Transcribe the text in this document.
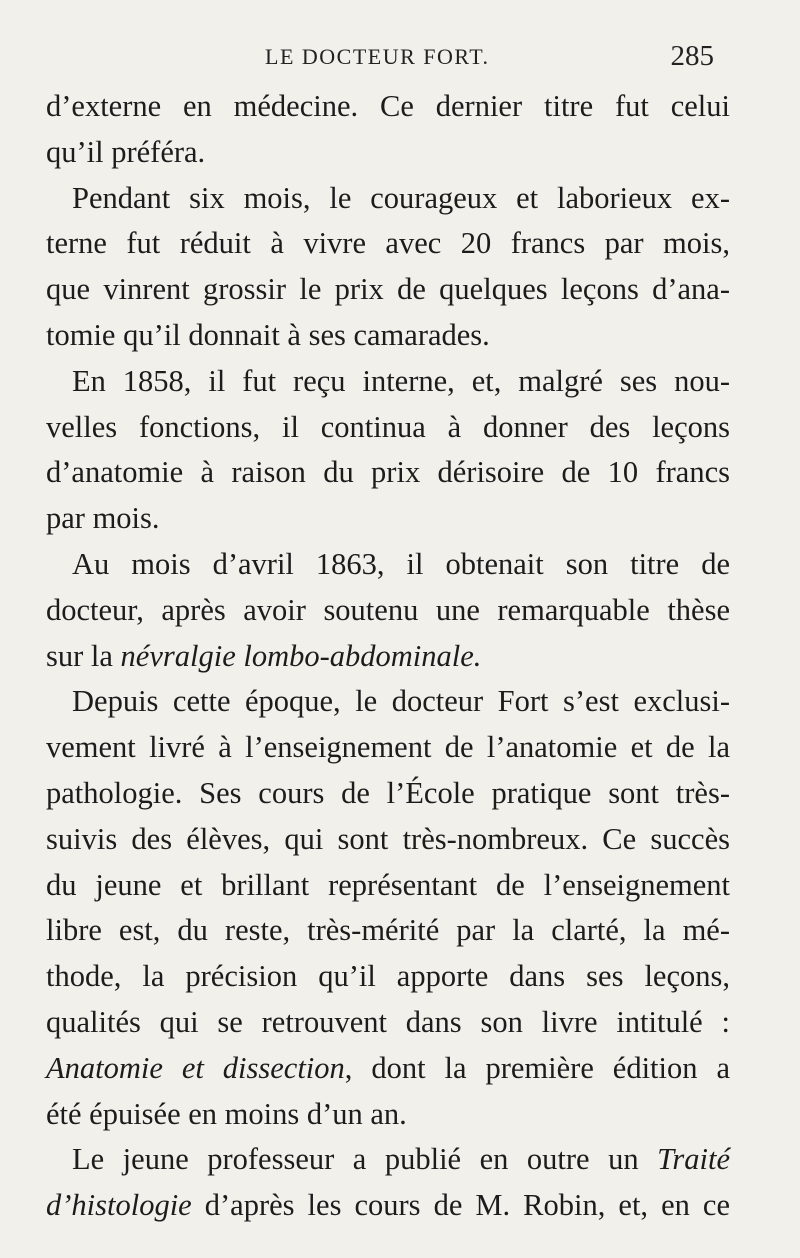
LE DOCTEUR FORT.	285
d’externe en médecine. Ce dernier titre fut celui
qu’il préféra.
Pendant six mois, le courageux et laborieux ex-
terne fut réduit à vivre avec 20 francs par mois,
que vinrent grossir le prix de quelques leçons d’ana-
tomie qu’il donnait à ses camarades.
En 1858, il fut reçu interne, et, malgré ses nou-
velles fonctions, il continua à donner des leçons
d’anatomie à raison du prix dérisoire de 10 francs
par mois.
Au mois d’avril 1863, il obtenait son titre de
docteur, après avoir soutenu une remarquable thèse
sur la névralgie lombo-abdominale.
Depuis cette époque, le docteur Fort s’est exclusi-
vement livré à l’enseignement de l’anatomie et de la
pathologie. Ses cours de l’École pratique sont très-
suivis des élèves, qui sont très-nombreux. Ce succès
du jeune et brillant représentant de l’enseignement
libre est, du reste, très-mérité par la clarté, la mé-
thode, la précision qu’il apporte dans ses leçons,
qualités qui se retrouvent dans son livre intitulé :
Anatomie et dissection, dont la première édition a
été épuisée en moins d’un an.
Le jeune professeur a publié en outre un Traité
d’histologie d’après les cours de M. Robin, et, en ce
